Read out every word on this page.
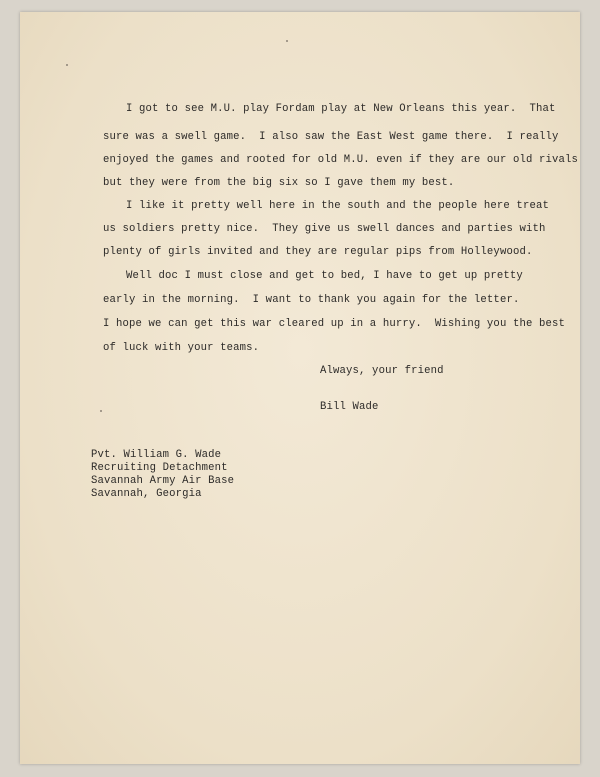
I got to see M.U. play Fordam play at New Orleans this year.  That
sure was a swell game.  I also saw the East West game there.  I really
enjoyed the games and rooted for old M.U. even if they are our old rivals
but they were from the big six so I gave them my best.
I like it pretty well here in the south and the people here treat
us soldiers pretty nice.  They give us swell dances and parties with
plenty of girls invited and they are regular pips from Holleywood.
Well doc I must close and get to bed, I have to get up pretty
early in the morning.  I want to thank you again for the letter.
I hope we can get this war cleared up in a hurry.  Wishing you the best
of luck with your teams.
Always, your friend
Bill Wade
Pvt. William G. Wade
Recruiting Detachment
Savannah Army Air Base
Savannah, Georgia
